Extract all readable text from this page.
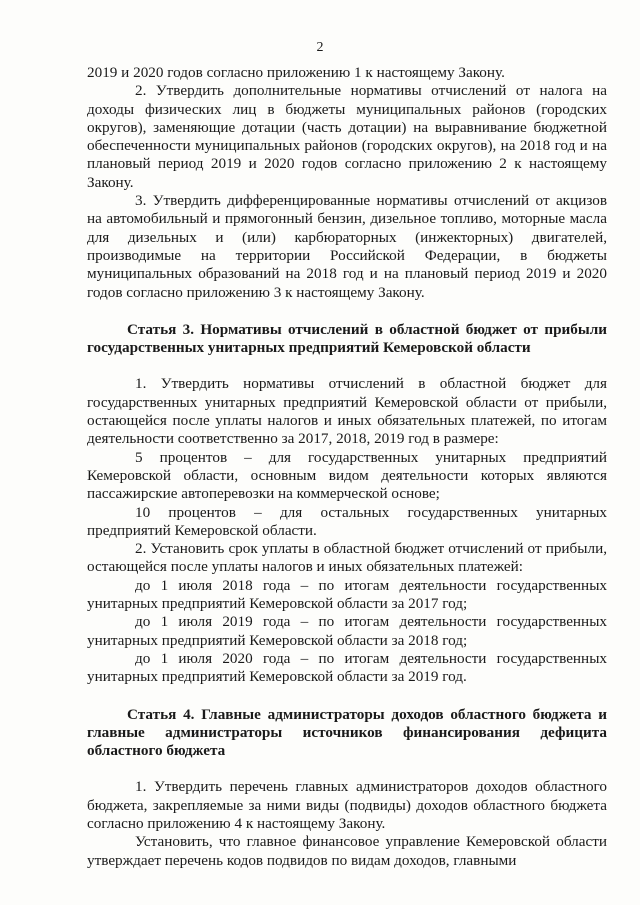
2

2019 и 2020 годов согласно приложению 1 к настоящему Закону.

2. Утвердить дополнительные нормативы отчислений от налога на доходы физических лиц в бюджеты муниципальных районов (городских округов), заменяющие дотации (часть дотации) на выравнивание бюджетной обеспеченности муниципальных районов (городских округов), на 2018 год и на плановый период 2019 и 2020 годов согласно приложению 2 к настоящему Закону.

3. Утвердить дифференцированные нормативы отчислений от акцизов на автомобильный и прямогонный бензин, дизельное топливо, моторные масла для дизельных и (или) карбюраторных (инжекторных) двигателей, производимые на территории Российской Федерации, в бюджеты муниципальных образований на 2018 год и на плановый период 2019 и 2020 годов согласно приложению 3 к настоящему Закону.

Статья 3. Нормативы отчислений в областной бюджет от прибыли государственных унитарных предприятий Кемеровской области

1. Утвердить нормативы отчислений в областной бюджет для государственных унитарных предприятий Кемеровской области от прибыли, остающейся после уплаты налогов и иных обязательных платежей, по итогам деятельности соответственно за 2017, 2018, 2019 год в размере:

5 процентов – для государственных унитарных предприятий Кемеровской области, основным видом деятельности которых являются пассажирские автоперевозки на коммерческой основе;

10 процентов – для остальных государственных унитарных предприятий Кемеровской области.

2. Установить срок уплаты в областной бюджет отчислений от прибыли, остающейся после уплаты налогов и иных обязательных платежей:

до 1 июля 2018 года – по итогам деятельности государственных унитарных предприятий Кемеровской области за 2017 год;

до 1 июля 2019 года – по итогам деятельности государственных унитарных предприятий Кемеровской области за 2018 год;

до 1 июля 2020 года – по итогам деятельности государственных унитарных предприятий Кемеровской области за 2019 год.

Статья 4. Главные администраторы доходов областного бюджета и главные администраторы источников финансирования дефицита областного бюджета

1. Утвердить перечень главных администраторов доходов областного бюджета, закрепляемые за ними виды (подвиды) доходов областного бюджета согласно приложению 4 к настоящему Закону.

Установить, что главное финансовое управление Кемеровской области утверждает перечень кодов подвидов по видам доходов, главными
